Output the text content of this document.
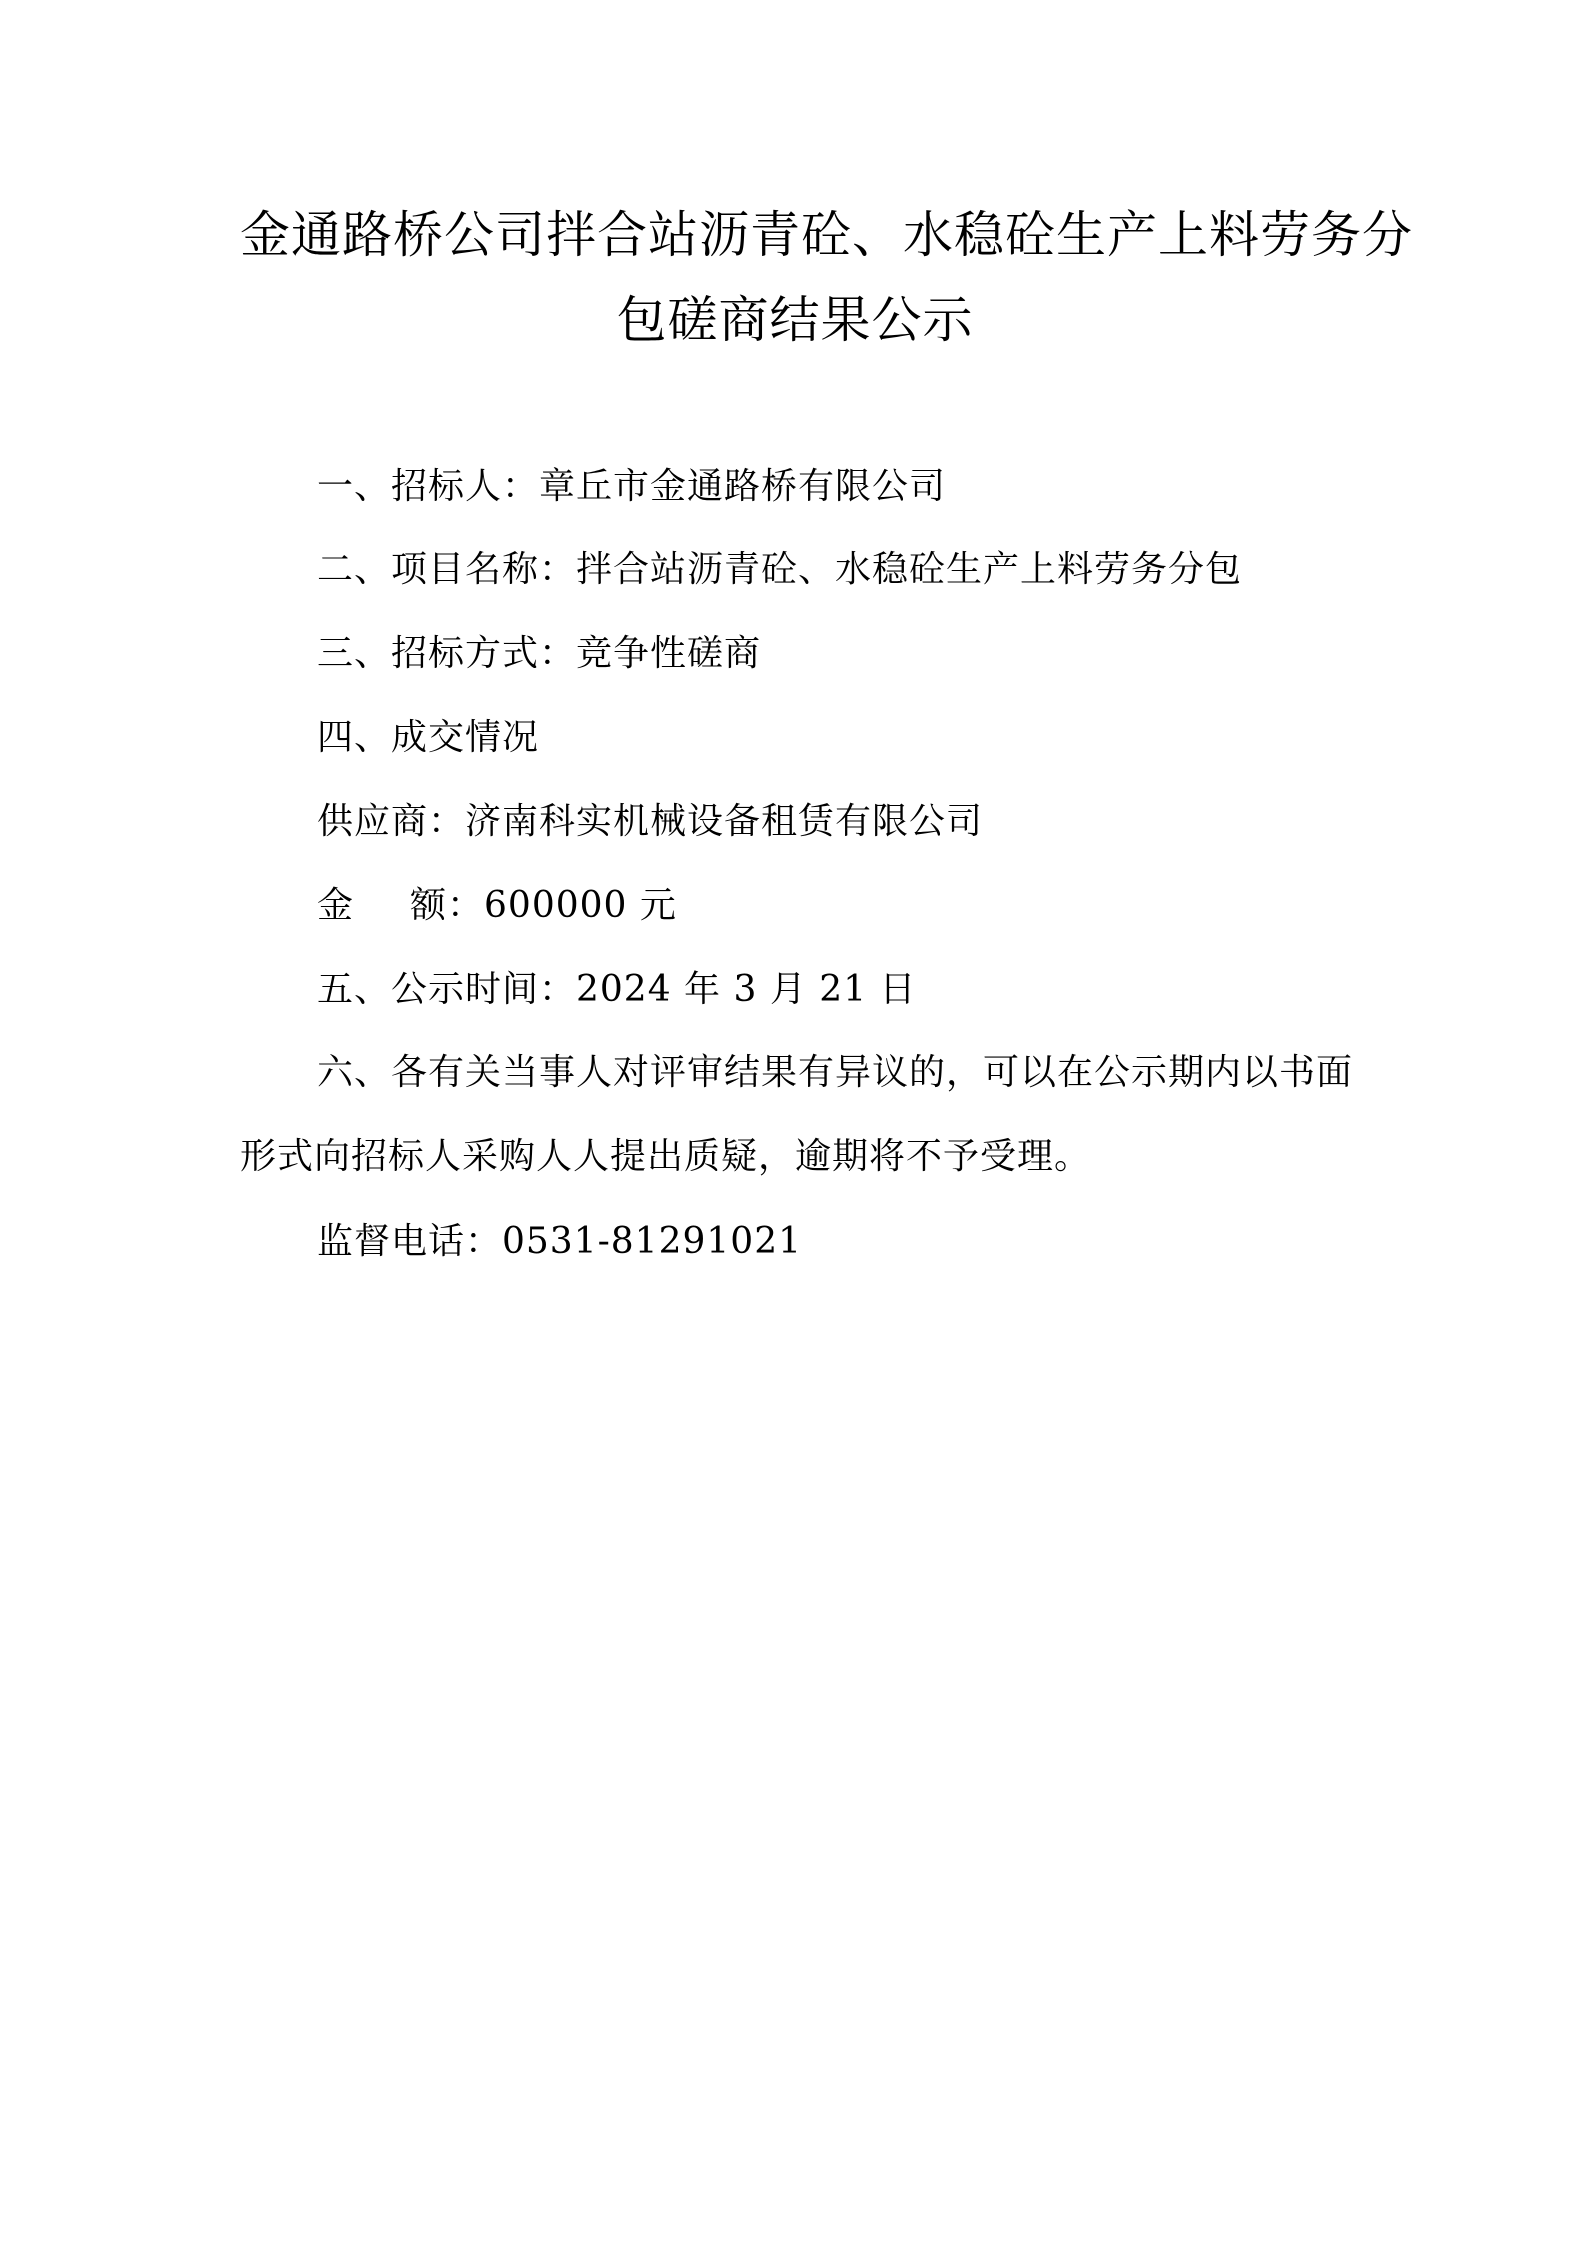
金通路桥公司拌合站沥青砼、水稳砼生产上料劳务分
包磋商结果公示
一、招标人：章丘市金通路桥有限公司
二、项目名称：拌合站沥青砼、水稳砼生产上料劳务分包
三、招标方式：竞争性磋商
四、成交情况
供应商：济南科实机械设备租赁有限公司
金 额：600000 元
五、公示时间：2024 年 3 月 21 日
六、各有关当事人对评审结果有异议的，可以在公示期内以书面
形式向招标人采购人人提出质疑，逾期将不予受理。
监督电话：0531-81291021
